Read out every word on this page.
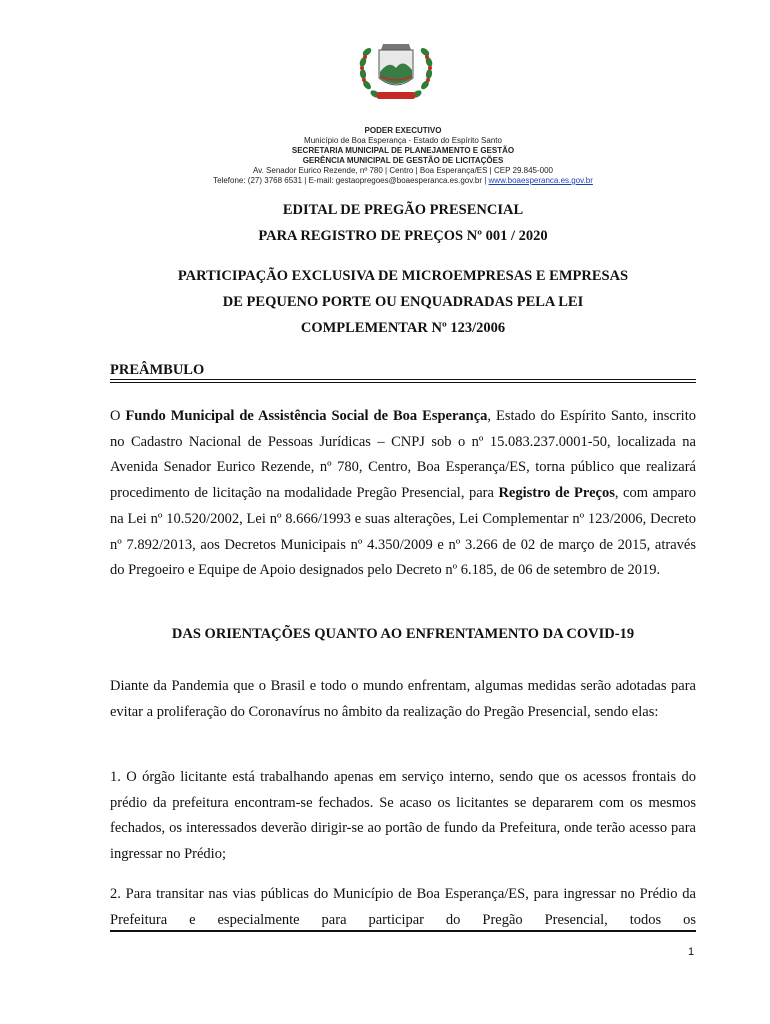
PODER EXECUTIVO
Município de Boa Esperança - Estado do Espírito Santo
SECRETARIA MUNICIPAL DE PLANEJAMENTO E GESTÃO
GERÊNCIA MUNICIPAL DE GESTÃO DE LICITAÇÕES
Av. Senador Eurico Rezende, nº 780 | Centro | Boa Esperança/ES | CEP 29.845-000
Telefone: (27) 3768 6531 | E-mail: gestaopregoes@boaesperanca.es.gov.br | www.boaesperanca.es.gov.br
EDITAL DE PREGÃO PRESENCIAL
PARA REGISTRO DE PREÇOS Nº 001 / 2020
PARTICIPAÇÃO EXCLUSIVA DE MICROEMPRESAS E EMPRESAS
DE PEQUENO PORTE OU ENQUADRADAS PELA LEI
COMPLEMENTAR Nº 123/2006
PREÂMBULO

O Fundo Municipal de Assistência Social de Boa Esperança, Estado do Espírito Santo, inscrito no Cadastro Nacional de Pessoas Jurídicas – CNPJ sob o nº 15.083.237.0001-50, localizada na Avenida Senador Eurico Rezende, nº 780, Centro, Boa Esperança/ES, torna público que realizará procedimento de licitação na modalidade Pregão Presencial, para Registro de Preços, com amparo na Lei nº 10.520/2002, Lei nº 8.666/1993 e suas alterações, Lei Complementar nº 123/2006, Decreto nº 7.892/2013, aos Decretos Municipais nº 4.350/2009 e nº 3.266 de 02 de março de 2015, através do Pregoeiro e Equipe de Apoio designados pelo Decreto nº 6.185, de 06 de setembro de 2019.

DAS ORIENTAÇÕES QUANTO AO ENFRENTAMENTO DA COVID-19

Diante da Pandemia que o Brasil e todo o mundo enfrentam, algumas medidas serão adotadas para evitar a proliferação do Coronavírus no âmbito da realização do Pregão Presencial, sendo elas:

1. O órgão licitante está trabalhando apenas em serviço interno, sendo que os acessos frontais do prédio da prefeitura encontram-se fechados. Se acaso os licitantes se depararem com os mesmos fechados, os interessados deverão dirigir-se ao portão de fundo da Prefeitura, onde terão acesso para ingressar no Prédio;

2. Para transitar nas vias públicas do Município de Boa Esperança/ES, para ingressar no Prédio da Prefeitura e especialmente para participar do Pregão Presencial, todos os

1
